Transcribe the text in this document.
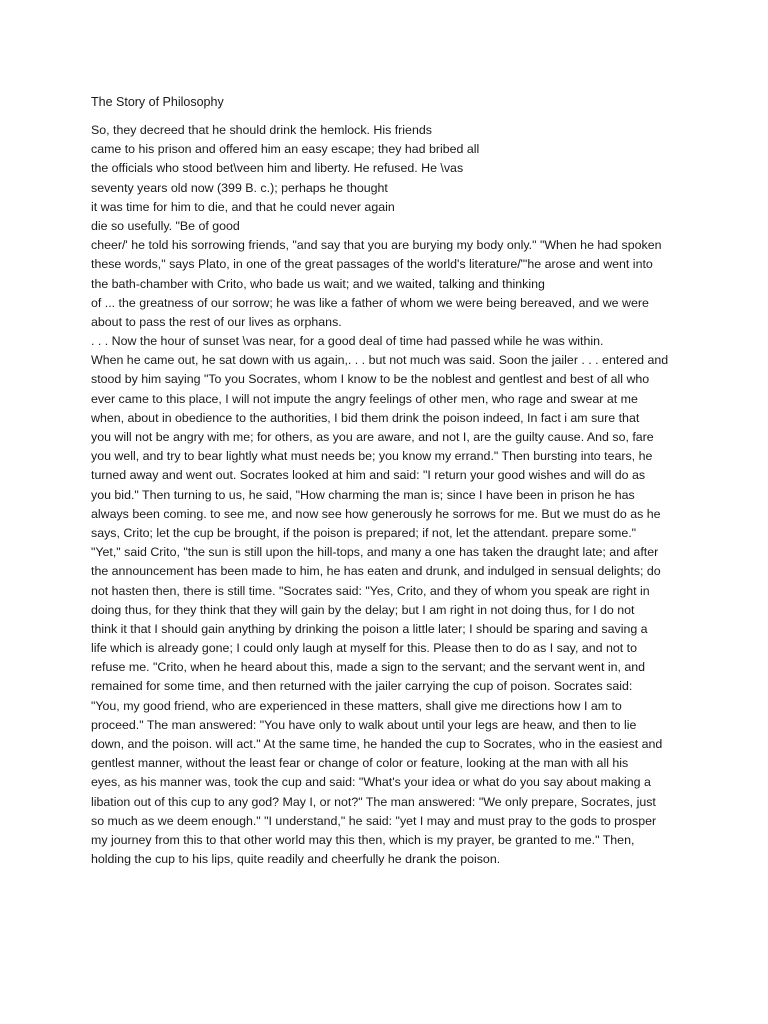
The Story of Philosophy
So, they decreed that he should drink the hemlock. His friends
came to his prison and offered him an easy escape; they had bribed all
the officials who stood bet\veen him and liberty. He refused. He \vas
seventy years old now (399 B. c.); perhaps he thought
it was time for him to die, and that he could never again
die so usefully. "Be of good
cheer/' he told his sorrowing friends, "and say that you are burying my body only." "When he had spoken
these words," says Plato, in one of the great passages of the world's literature/"'he arose and went into
the bath-chamber with Crito, who bade us wait; and we waited, talking and thinking
of ... the greatness of our sorrow; he was like a father of whom we were being bereaved, and we were
about to pass the rest of our lives as orphans.
. . . Now the hour of sunset \vas near, for a good deal of time had passed while he was within.
When he came out, he sat down with us again,. . . but not much was said. Soon the jailer . . . entered and
stood by him saying "To you Socrates, whom I know to be the noblest and gentlest and best of all who
ever came to this place, I will not impute the angry feelings of other men, who rage and swear at me
when, about in obedience to the authorities, I bid them drink the poison indeed, In fact i am sure that
you will not be angry with me; for others, as you are aware, and not I, are the guilty cause. And so, fare
you well, and try to bear lightly what must needs be; you know my errand." Then bursting into tears, he
turned away and went out. Socrates looked at him and said: "I return your good wishes and will do as
you bid." Then turning to us, he said, "How charming the man is; since I have been in prison he has
always been coming. to see me, and now see how generously he sorrows for me. But we must do as he
says, Crito; let the cup be brought, if the poison is prepared; if not, let the attendant. prepare some."
"Yet," said Crito, "the sun is still upon the hill-tops, and many a one has taken the draught late; and after
the announcement has been made to him, he has eaten and drunk, and indulged in sensual delights; do
not hasten then, there is still time. "Socrates said: "Yes, Crito, and they of whom you speak are right in
doing thus, for they think that they will gain by the delay; but I am right in not doing thus, for I do not
think it that I should gain anything by drinking the poison a little later; I should be sparing and saving a
life which is already gone; I could only laugh at myself for this. Please then to do as I say, and not to
refuse me. "Crito, when he heard about this, made a sign to the servant; and the servant went in, and
remained for some time, and then returned with the jailer carrying the cup of poison. Socrates said:
"You, my good friend, who are experienced in these matters, shall give me directions how I am to
proceed." The man answered: "You have only to walk about until your legs are heaw, and then to lie
down, and the poison. will act." At the same time, he handed the cup to Socrates, who in the easiest and
gentlest manner, without the least fear or change of color or feature, looking at the man with all his
eyes, as his manner was, took the cup and said: "What's your idea or what do you say about making a
libation out of this cup to any god? May I, or not?" The man answered: "We only prepare, Socrates, just
so much as we deem enough." "I understand," he said: "yet I may and must pray to the gods to prosper
my journey from this to that other world may this then, which is my prayer, be granted to me." Then,
holding the cup to his lips, quite readily and cheerfully he drank the poison.
